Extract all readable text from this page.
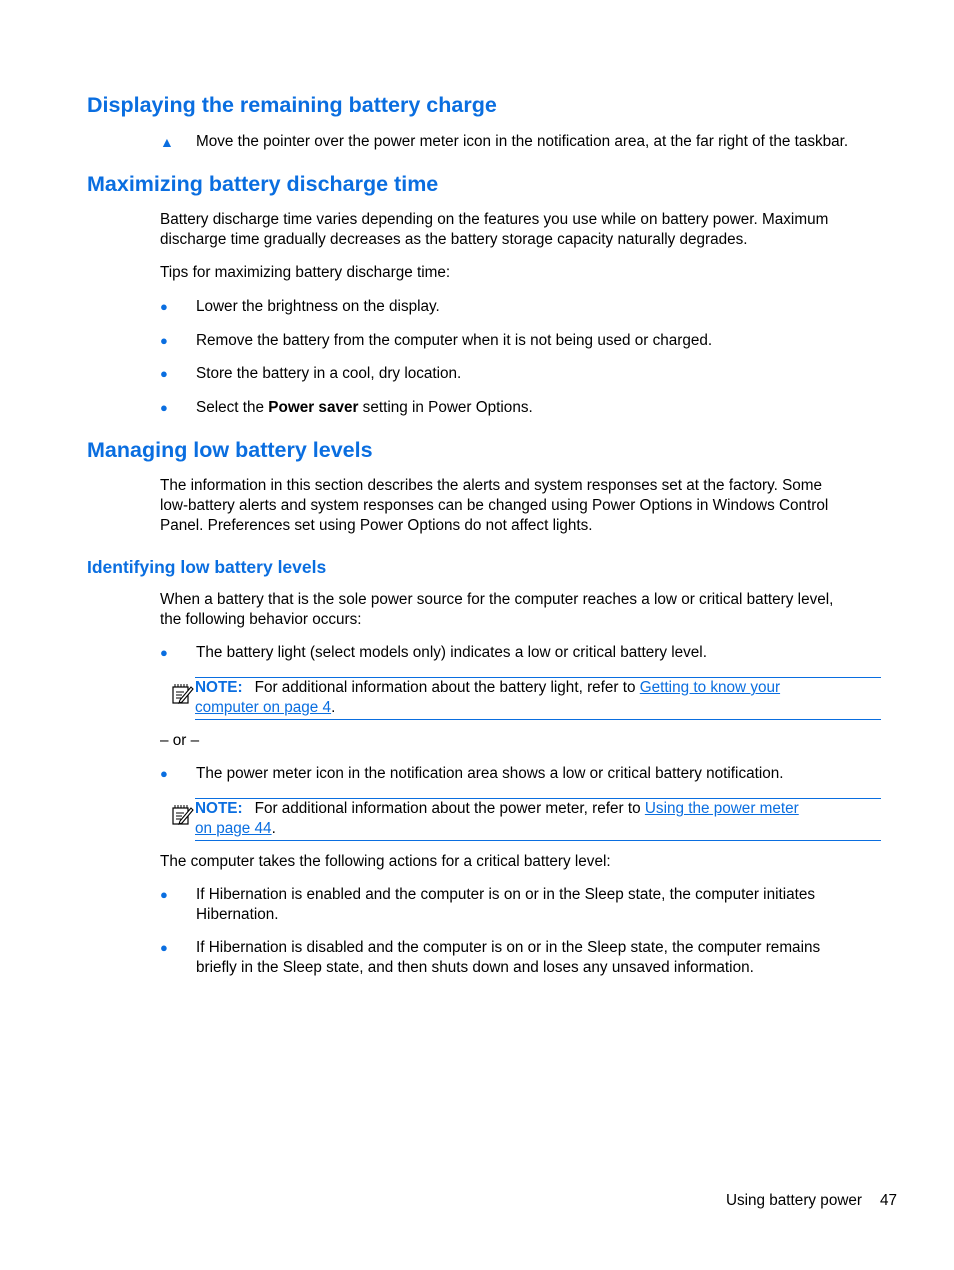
Displaying the remaining battery charge
▲	Move the pointer over the power meter icon in the notification area, at the far right of the taskbar.
Maximizing battery discharge time

Battery discharge time varies depending on the features you use while on battery power. Maximum
discharge time gradually decreases as the battery storage capacity naturally degrades.

Tips for maximizing battery discharge time:

●	Lower the brightness on the display.
●	Remove the battery from the computer when it is not being used or charged.
●	Store the battery in a cool, dry location.
●	Select the Power saver setting in Power Options.
Managing low battery levels

The information in this section describes the alerts and system responses set at the factory. Some
low-battery alerts and system responses can be changed using Power Options in Windows Control
Panel. Preferences set using Power Options do not affect lights.

Identifying low battery levels

When a battery that is the sole power source for the computer reaches a low or critical battery level,
the following behavior occurs:

●	The battery light (select models only) indicates a low or critical battery level.
NOTE: For additional information about the battery light, refer to Getting to know your
computer on page 4.

– or –

●	The power meter icon in the notification area shows a low or critical battery notification.
NOTE: For additional information about the power meter, refer to Using the power meter
on page 44.

The computer takes the following actions for a critical battery level:

●	If Hibernation is enabled and the computer is on or in the Sleep state, the computer initiates
Hibernation.
●	If Hibernation is disabled and the computer is on or in the Sleep state, the computer remains
briefly in the Sleep state, and then shuts down and loses any unsaved information.
Using battery power 47
